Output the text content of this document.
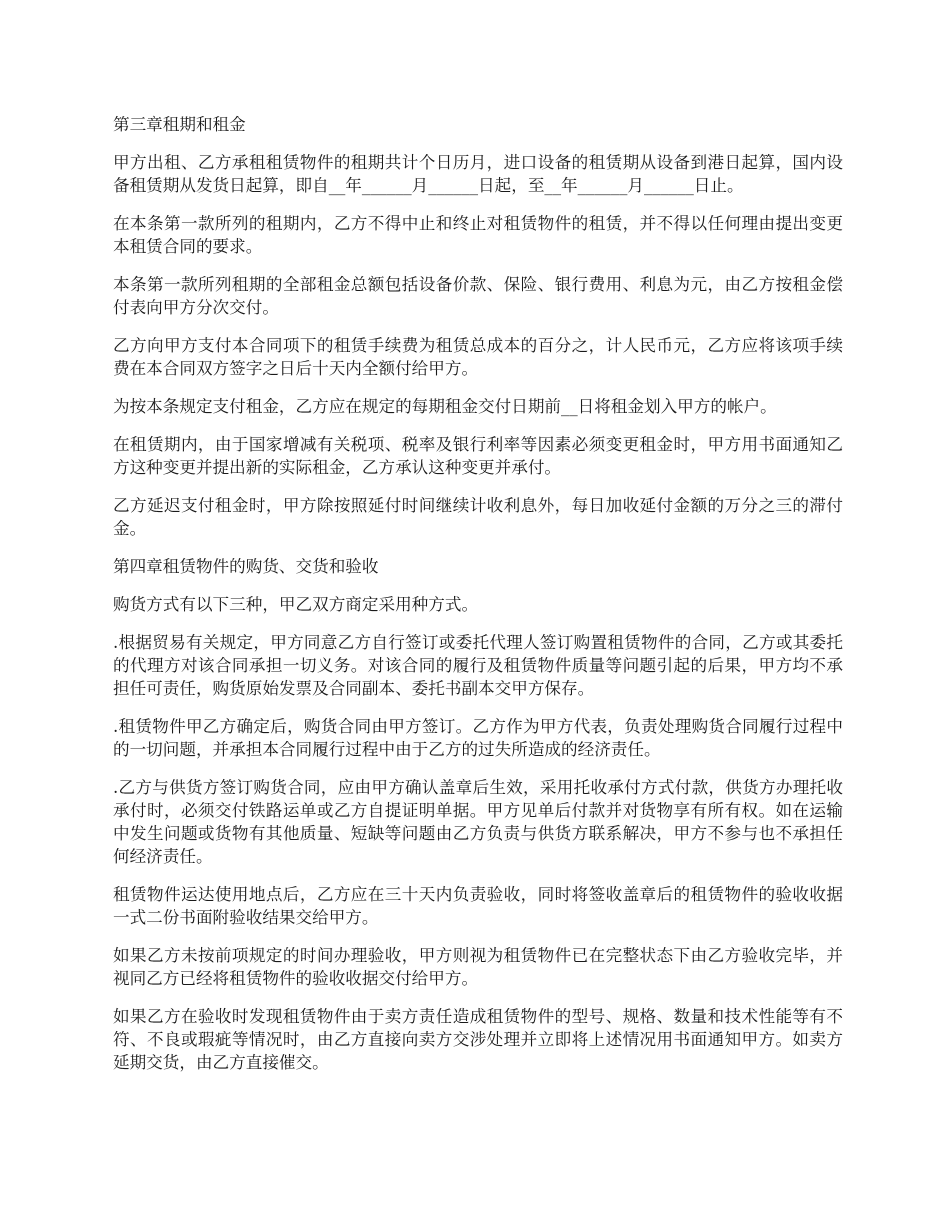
第三章租期和租金

甲方出租、乙方承租租赁物件的租期共计个日历月，进口设备的租赁期从设备到港日起算，国内设备租赁期从发货日起算，即自__年______月______日起，至__年______月______日止。

在本条第一款所列的租期内，乙方不得中止和终止对租赁物件的租赁，并不得以任何理由提出变更本租赁合同的要求。

本条第一款所列租期的全部租金总额包括设备价款、保险、银行费用、利息为元，由乙方按租金偿付表向甲方分次交付。

乙方向甲方支付本合同项下的租赁手续费为租赁总成本的百分之，计人民币元，乙方应将该项手续费在本合同双方签字之日后十天内全额付给甲方。

为按本条规定支付租金，乙方应在规定的每期租金交付日期前__日将租金划入甲方的帐户。

在租赁期内，由于国家增减有关税项、税率及银行利率等因素必须变更租金时，甲方用书面通知乙方这种变更并提出新的实际租金，乙方承认这种变更并承付。

乙方延迟支付租金时，甲方除按照延付时间继续计收利息外，每日加收延付金额的万分之三的滞付金。

第四章租赁物件的购货、交货和验收

购货方式有以下三种，甲乙双方商定采用种方式。

.根据贸易有关规定，甲方同意乙方自行签订或委托代理人签订购置租赁物件的合同，乙方或其委托的代理方对该合同承担一切义务。对该合同的履行及租赁物件质量等问题引起的后果，甲方均不承担任可责任，购货原始发票及合同副本、委托书副本交甲方保存。

.租赁物件甲乙方确定后，购货合同由甲方签订。乙方作为甲方代表，负责处理购货合同履行过程中的一切问题，并承担本合同履行过程中由于乙方的过失所造成的经济责任。

.乙方与供货方签订购货合同，应由甲方确认盖章后生效，采用托收承付方式付款，供货方办理托收承付时，必须交付铁路运单或乙方自提证明单据。甲方见单后付款并对货物享有所有权。如在运输中发生问题或货物有其他质量、短缺等问题由乙方负责与供货方联系解决，甲方不参与也不承担任何经济责任。

租赁物件运达使用地点后，乙方应在三十天内负责验收，同时将签收盖章后的租赁物件的验收收据一式二份书面附验收结果交给甲方。

如果乙方未按前项规定的时间办理验收，甲方则视为租赁物件已在完整状态下由乙方验收完毕，并视同乙方已经将租赁物件的验收收据交付给甲方。

如果乙方在验收时发现租赁物件由于卖方责任造成租赁物件的型号、规格、数量和技术性能等有不符、不良或瑕疵等情况时，由乙方直接向卖方交涉处理并立即将上述情况用书面通知甲方。如卖方延期交货，由乙方直接催交。
